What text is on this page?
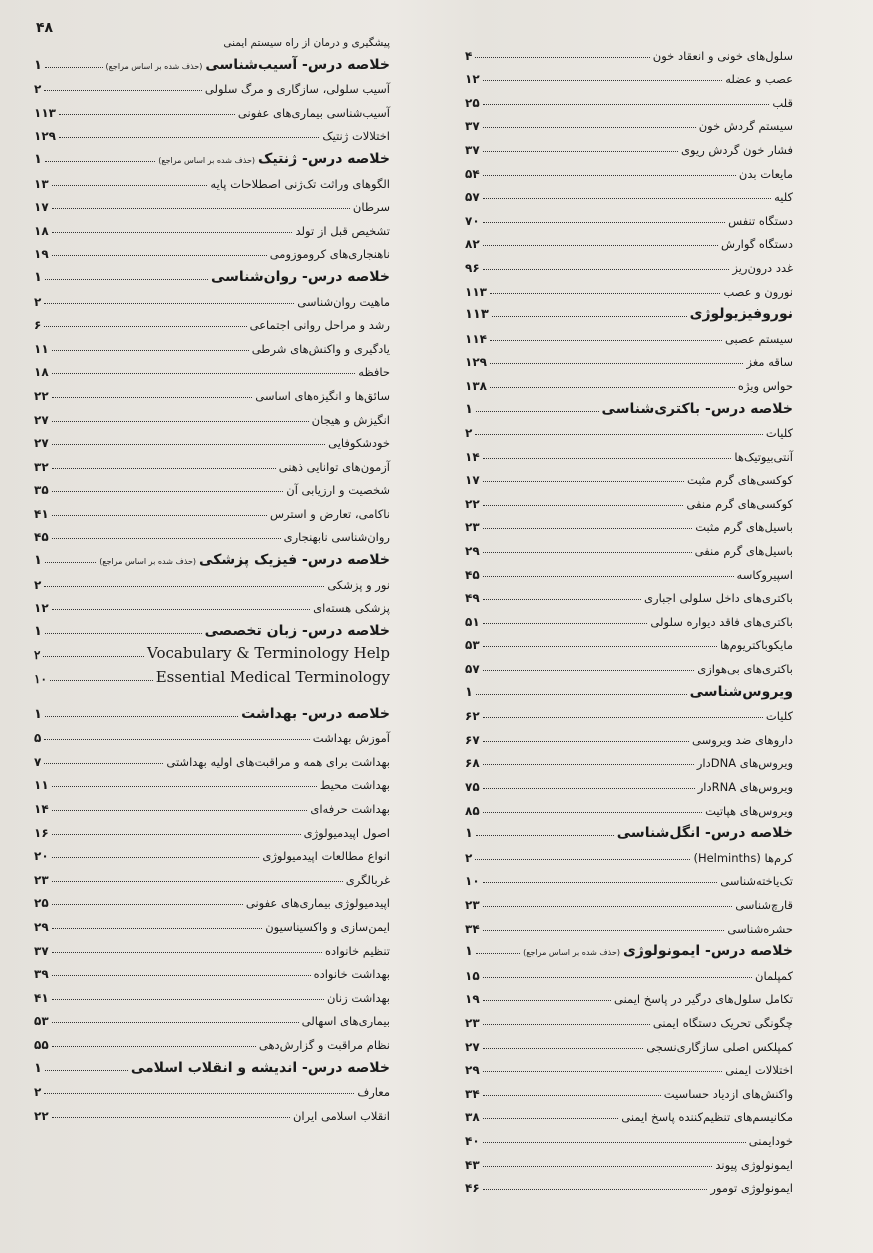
۴۸
پیشگیری و درمان از راه سیستم ایمنی
خلاصه درس- آسیب‌شناسی(حذف شده بر اساس مراجع)
۱
آسیب سلولی، سازگاری و مرگ سلولی
۲
آسیب‌شناسی بیماری‌های عفونی
۱۱۳
اختلالات ژنتیک
۱۲۹
خلاصه درس- ژنتیک(حذف شده بر اساس مراجع)
۱
الگوهای وراثت تک‌ژنی اصطلاحات پایه
۱۳
سرطان
۱۷
تشخیص قبل از تولد
۱۸
ناهنجاری‌های کروموزومی
۱۹
خلاصه درس- روان‌شناسی
۱
ماهیت روان‌شناسی
۲
رشد و مراحل روانی اجتماعی
۶
یادگیری و واکنش‌های شرطی
۱۱
حافظه
۱۸
سائق‌ها و انگیزه‌های اساسی
۲۲
انگیزش و هیجان
۲۷
خودشکوفایی
۲۷
آزمون‌های توانایی ذهنی
۳۲
شخصیت و ارزیابی آن
۳۵
ناکامی، تعارض و استرس
۴۱
روان‌شناسی نابهنجاری
۴۵
خلاصه درس- فیزیک پزشکی(حذف شده بر اساس مراجع)
۱
نور و پزشکی
۲
پزشکی هسته‌ای
۱۲
خلاصه درس- زبان تخصصی
۱
Vocabulary & Terminology Help
۲
Essential Medical Terminology
۱۰
خلاصه درس- بهداشت
۱
آموزش بهداشت
۵
بهداشت برای همه و مراقبت‌های اولیه بهداشتی
۷
بهداشت محیط
۱۱
بهداشت حرفه‌ای
۱۴
اصول اپیدمیولوژی
۱۶
انواع مطالعات اپیدمیولوژی
۲۰
غربالگری
۲۳
اپیدمیولوژی بیماری‌های عفونی
۲۵
ایمن‌سازی و واکسیناسیون
۲۹
تنظیم خانواده
۳۷
بهداشت خانواده
۳۹
بهداشت زنان
۴۱
بیماری‌های اسهالی
۵۳
نظام مراقبت و گزارش‌دهی
۵۵
خلاصه درس- اندیشه و انقلاب اسلامی
۱
معارف
۲
انقلاب اسلامی ایران
۲۲
سلول‌های خونی و انعقاد خون
۴
عصب و عضله
۱۲
قلب
۲۵
سیستم گردش خون
۳۷
فشار خون گردش ریوی
۳۷
مایعات بدن
۵۴
کلیه
۵۷
دستگاه تنفس
۷۰
دستگاه گوارش
۸۲
غدد درون‌ریز
۹۶
نورون و عصب
۱۱۳
نوروفیزیولوژی
۱۱۳
سیستم عصبی
۱۱۴
ساقه مغز
۱۲۹
حواس ویژه
۱۳۸
خلاصه درس- باکتری‌شناسی
۱
کلیات
۲
آنتی‌بیوتیک‌ها
۱۴
کوکسی‌های گرم مثبت
۱۷
کوکسی‌های گرم منفی
۲۲
باسیل‌های گرم مثبت
۲۳
باسیل‌های گرم منفی
۲۹
اسپیروکاسه
۴۵
باکتری‌های داخل سلولی اجباری
۴۹
باکتری‌های فاقد دیواره سلولی
۵۱
مایکوباکتریوم‌ها
۵۳
باکتری‌های بی‌هوازی
۵۷
ویروس‌شناسی
۱
کلیات
۶۲
داروهای ضد ویروسی
۶۷
ویروس‌های DNAدار
۶۸
ویروس‌های RNAدار
۷۵
ویروس‌های هپاتیت
۸۵
خلاصه درس- انگل‌شناسی
۱
کرم‌ها (Helminths)
۲
تک‌یاخته‌شناسی
۱۰
قارچ‌شناسی
۲۳
حشره‌شناسی
۳۴
خلاصه درس- ایمونولوژی(حذف شده بر اساس مراجع)
۱
کمپلمان
۱۵
تکامل سلول‌های درگیر در پاسخ ایمنی
۱۹
چگونگی تحریک دستگاه ایمنی
۲۳
کمپلکس اصلی سازگاری‌نسجی
۲۷
اختلالات ایمنی
۲۹
واکنش‌های ازدیاد حساسیت
۳۴
مکانیسم‌های تنظیم‌کننده پاسخ ایمنی
۳۸
خودایمنی
۴۰
ایمونولوژی پیوند
۴۳
ایمونولوژی تومور
۴۶
